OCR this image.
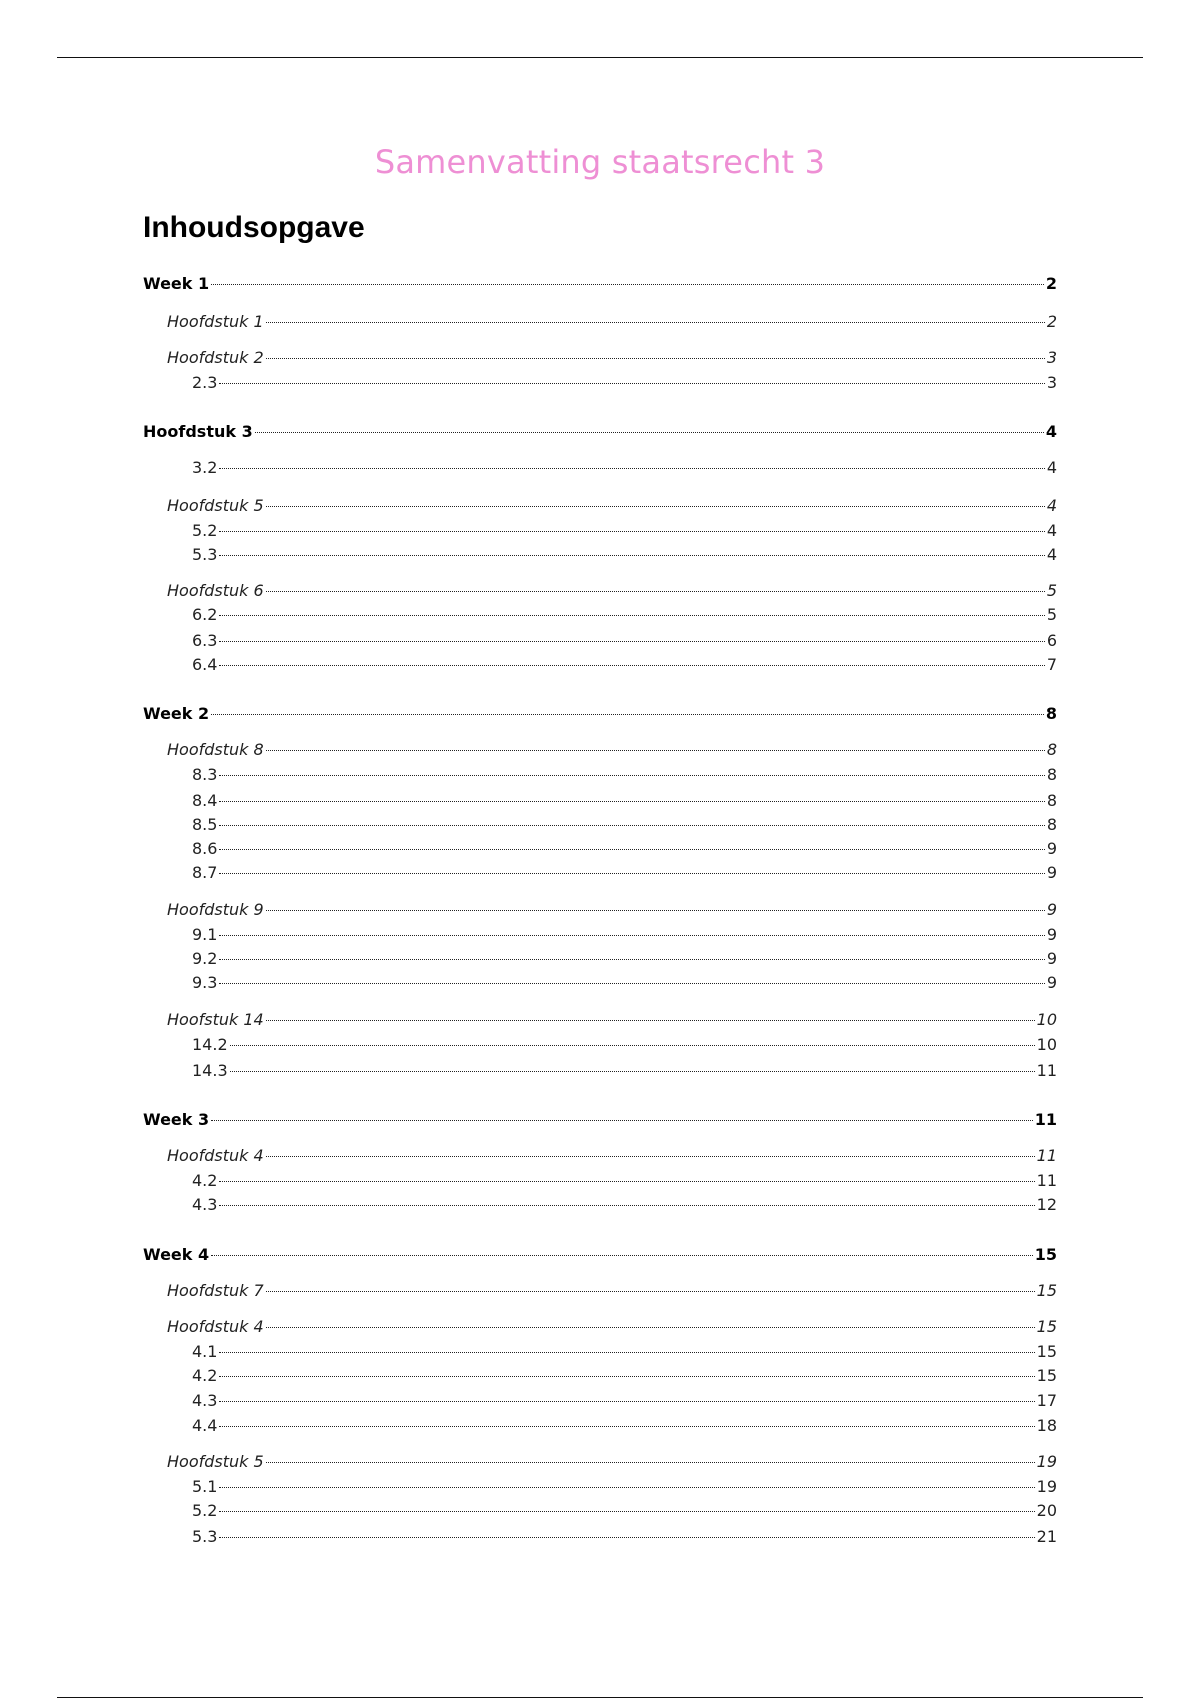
Samenvatting staatsrecht 3
Inhoudsopgave
Week 1	2
Hoofdstuk 1	2
Hoofdstuk 2	3
2.3	3
Hoofdstuk 3	4
3.2	4
Hoofdstuk 5	4
5.2	4
5.3	4
Hoofdstuk 6	5
6.2	5
6.3	6
6.4	7
Week 2	8
Hoofdstuk 8	8
8.3	8
8.4	8
8.5	8
8.6	9
8.7	9
Hoofdstuk 9	9
9.1	9
9.2	9
9.3	9
Hoofstuk 14	10
14.2	10
14.3	11
Week 3	11
Hoofdstuk 4	11
4.2	11
4.3	12
Week 4	15
Hoofdstuk 7	15
Hoofdstuk 4	15
4.1	15
4.2	15
4.3	17
4.4	18
Hoofdstuk 5	19
5.1	19
5.2	20
5.3	21
